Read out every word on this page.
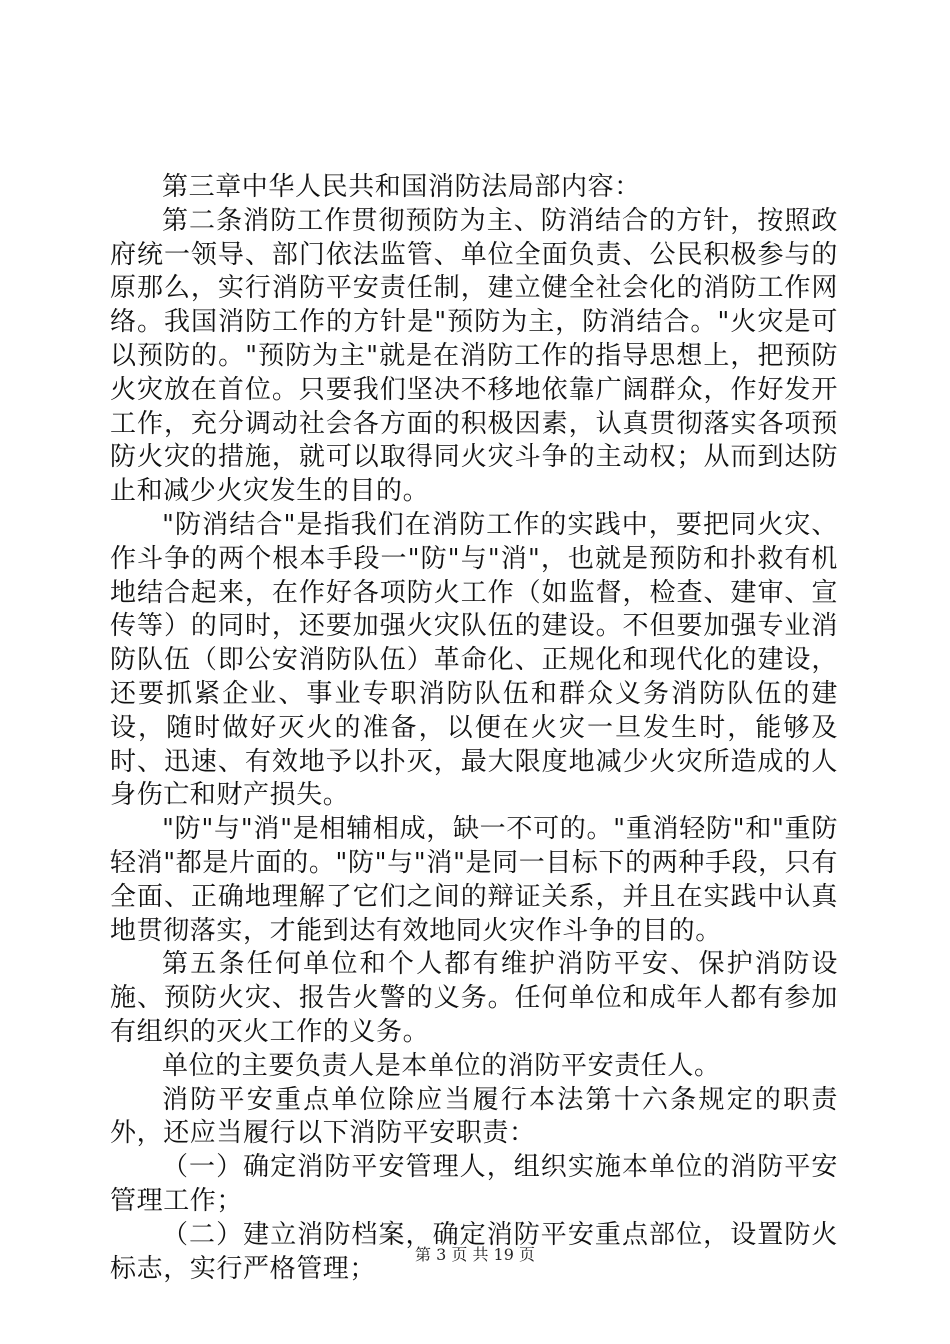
第三章中华人民共和国消防法局部内容：

第二条消防工作贯彻预防为主、防消结合的方针，按照政府统一领导、部门依法监管、单位全面负责、公民积极参与的原那么，实行消防平安责任制，建立健全社会化的消防工作网络。我国消防工作的方针是"预防为主，防消结合。"火灾是可以预防的。"预防为主"就是在消防工作的指导思想上，把预防火灾放在首位。只要我们坚决不移地依靠广阔群众，作好发开工作，充分调动社会各方面的积极因素，认真贯彻落实各项预防火灾的措施，就可以取得同火灾斗争的主动权；从而到达防止和减少火灾发生的目的。

"防消结合"是指我们在消防工作的实践中，要把同火灾、作斗争的两个根本手段一"防"与"消"，也就是预防和扑救有机地结合起来，在作好各项防火工作（如监督，检查、建审、宣传等）的同时，还要加强火灾队伍的建设。不但要加强专业消防队伍（即公安消防队伍）革命化、正规化和现代化的建设，还要抓紧企业、事业专职消防队伍和群众义务消防队伍的建设，随时做好灭火的准备，以便在火灾一旦发生时，能够及时、迅速、有效地予以扑灭，最大限度地减少火灾所造成的人身伤亡和财产损失。

"防"与"消"是相辅相成，缺一不可的。"重消轻防"和"重防轻消"都是片面的。"防"与"消"是同一目标下的两种手段，只有全面、正确地理解了它们之间的辩证关系，并且在实践中认真地贯彻落实，才能到达有效地同火灾作斗争的目的。

第五条任何单位和个人都有维护消防平安、保护消防设施、预防火灾、报告火警的义务。任何单位和成年人都有参加有组织的灭火工作的义务。

单位的主要负责人是本单位的消防平安责任人。

消防平安重点单位除应当履行本法第十六条规定的职责外，还应当履行以下消防平安职责：

（一）确定消防平安管理人，组织实施本单位的消防平安管理工作；

（二）建立消防档案，确定消防平安重点部位，设置防火标志，实行严格管理；	第 3 页 共 19 页
